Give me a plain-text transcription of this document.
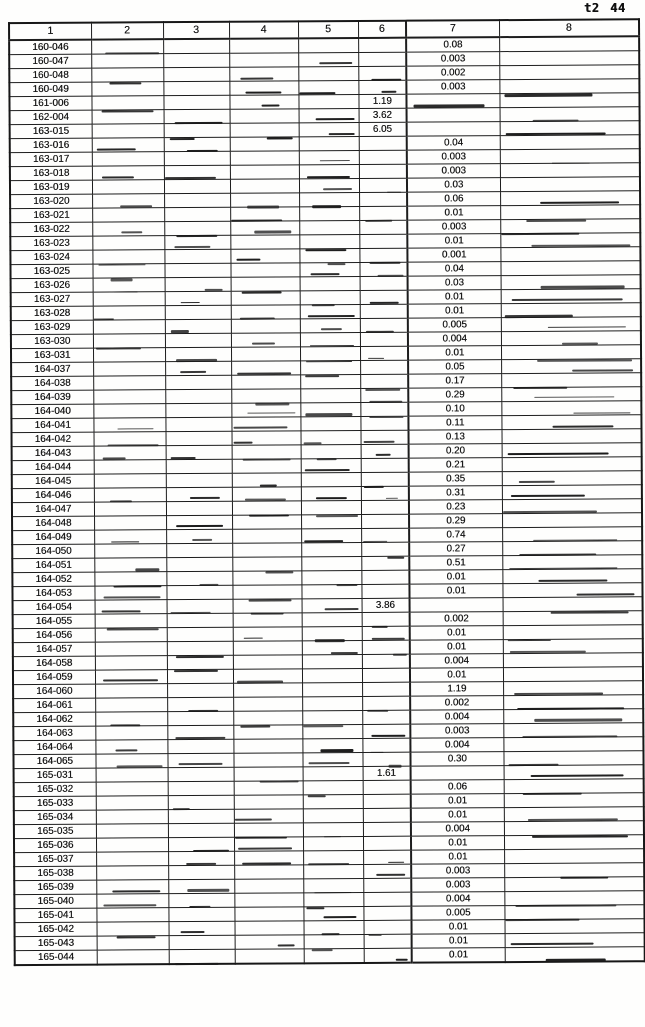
t2 44
1	2	3	4	5	6	7	8
160-046						0.08	
160-047						0.003	
160-048						0.002	
160-049						0.003	

161-006					1.19	

162-004					3.62		

163-015					6.05		

163-016						0.04	
163-017						0.003	

163-018						0.003	
163-019						0.03	
163-020						0.06	

163-021						0.01	

163-022						0.003	

163-023						0.01	

163-024						0.001	
163-025						0.04	
163-026						0.03	

163-027						0.01	

163-028						0.01	

163-029						0.005	

163-030						0.004	

163-031						0.01	

164-037						0.05	

164-038						0.17	

164-039						0.29	

164-040						0.10	

164-041						0.11	

164-042						0.13	
164-043						0.20	

164-044						0.21	
164-045						0.35	

164-046						0.31	

164-047						0.23	

164-048						0.29	
164-049						0.74	

164-050						0.27	

164-051						0.51	

164-052						0.01	

164-053						0.01	

164-054					3.86		

164-055						0.002	
164-056						0.01	

164-057						0.01	

164-058						0.004	
164-059						0.01	
164-060						1.19	

164-061						0.002	

164-062						0.004	

164-063						0.003	

164-064						0.004	
164-065						0.30	

165-031					1.61		

165-032						0.06	

165-033						0.01	
165-034						0.01	

165-035						0.004	

165-036						0.01	
165-037						0.01	
165-038						0.003	

165-039						0.003	
165-040						0.004	

165-041						0.005	

165-042						0.01	
165-043						0.01	

165-044						0.01	
